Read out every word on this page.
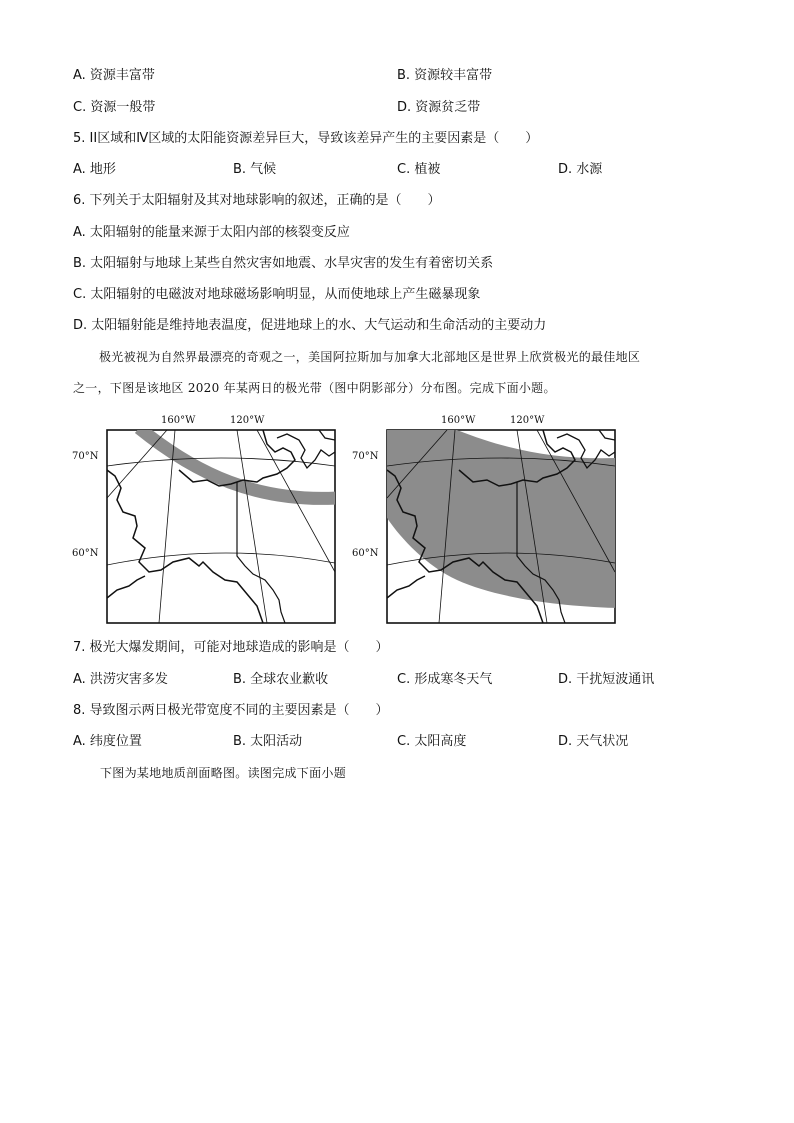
A. 资源丰富带	B. 资源较丰富带
C. 资源一般带	D. 资源贫乏带
5. II区域和Ⅳ区域的太阳能资源差异巨大，导致该差异产生的主要因素是（　　）
A. 地形	B. 气候	C. 植被	D. 水源
6. 下列关于太阳辐射及其对地球影响的叙述，正确的是（　　）
A. 太阳辐射的能量来源于太阳内部的核裂变反应
B. 太阳辐射与地球上某些自然灾害如地震、水旱灾害的发生有着密切关系
C. 太阳辐射的电磁波对地球磁场影响明显，从而使地球上产生磁暴现象
D. 太阳辐射能是维持地表温度，促进地球上的水、大气运动和生命活动的主要动力
极光被视为自然界最漂亮的奇观之一，美国阿拉斯加与加拿大北部地区是世界上欣赏极光的最佳地区
之一，下图是该地区 2020 年某两日的极光带（图中阴影部分）分布图。完成下面小题。
160°W	120°W
70°N
60°N
160°W	120°W
70°N
60°N
7. 极光大爆发期间，可能对地球造成的影响是（　　）
A. 洪涝灾害多发	B. 全球农业歉收	C. 形成寒冬天气	D. 干扰短波通讯
8. 导致图示两日极光带宽度不同的主要因素是（　　）
A. 纬度位置	B. 太阳活动	C. 太阳高度	D. 天气状况
下图为某地地质剖面略图。读图完成下面小题
